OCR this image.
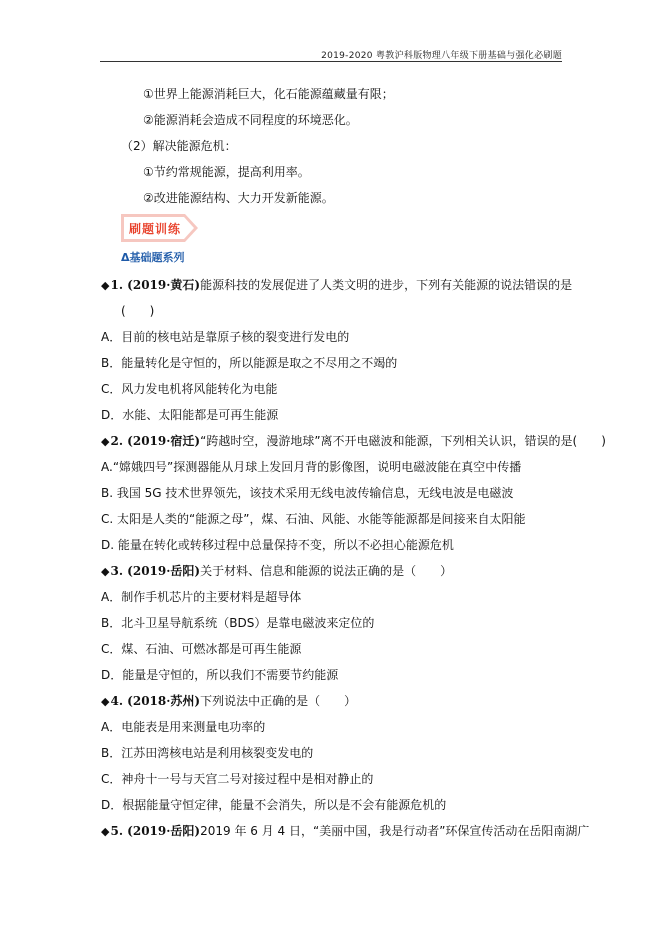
2019-2020 粤教沪科版物理八年级下册基础与强化必刷题
①世界上能源消耗巨大，化石能源蕴藏量有限；
②能源消耗会造成不同程度的环境恶化。
（2）解决能源危机：
①节约常规能源，提高利用率。
②改进能源结构、大力开发新能源。
刷题训练
Δ基础题系列
◆1. (2019·黄石)能源科技的发展促进了人类文明的进步，下列有关能源的说法错误的是
(　　)
A．目前的核电站是靠原子核的裂变进行发电的
B．能量转化是守恒的，所以能源是取之不尽用之不竭的
C．风力发电机将风能转化为电能
D．水能、太阳能都是可再生能源
◆2. (2019·宿迁)“跨越时空，漫游地球”离不开电磁波和能源，下列相关认识，错误的是(　　)
A.“嫦娥四号”探测器能从月球上发回月背的影像图，说明电磁波能在真空中传播
B. 我国 5G 技术世界领先，该技术采用无线电波传输信息，无线电波是电磁波
C. 太阳是人类的“能源之母”，煤、石油、风能、水能等能源都是间接来自太阳能
D. 能量在转化或转移过程中总量保持不变，所以不必担心能源危机
◆3. (2019·岳阳)关于材料、信息和能源的说法正确的是（　　）
A．制作手机芯片的主要材料是超导体
B．北斗卫星导航系统（BDS）是靠电磁波来定位的
C．煤、石油、可燃冰都是可再生能源
D．能量是守恒的，所以我们不需要节约能源
◆4. (2018·苏州)下列说法中正确的是（　　）
A．电能表是用来测量电功率的
B．江苏田湾核电站是利用核裂变发电的
C．神舟十一号与天宫二号对接过程中是相对静止的
D．根据能量守恒定律，能量不会消失，所以是不会有能源危机的
◆5. (2019·岳阳)2019 年 6 月 4 日，“美丽中国，我是行动者”环保宣传活动在岳阳南湖广
